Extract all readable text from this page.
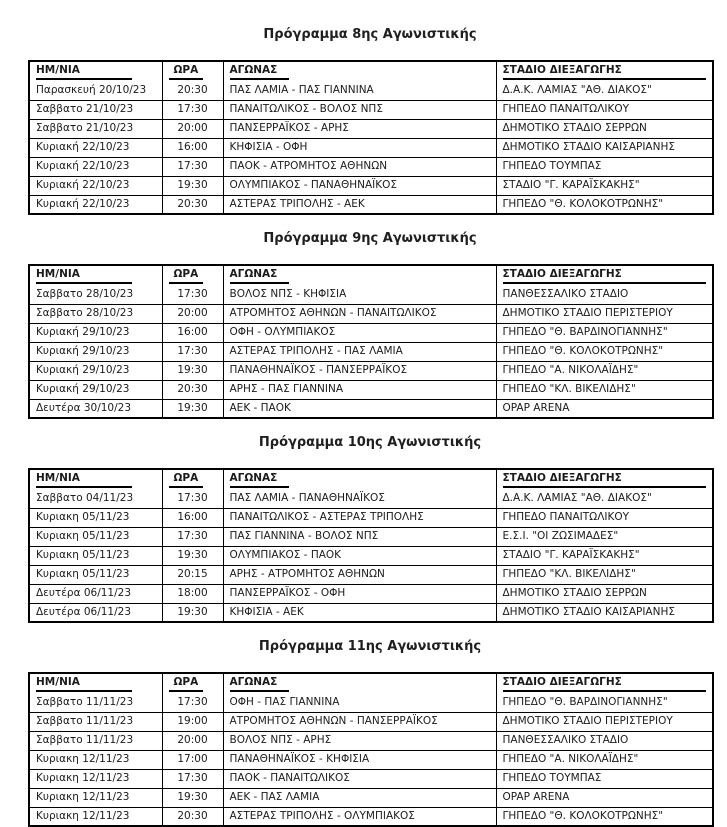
Πρόγραμμα 8ης Αγωνιστικής
ΗΜ/ΝΙΑ	ΩΡΑ	ΑΓΩΝΑΣ	ΣΤΑΔΙΟ ΔΙΕΞΑΓΩΓΗΣ

Παρασκευή 20/10/23	20:30	ΠΑΣ ΛΑΜΙΑ - ΠΑΣ ΓΙΑΝΝΙΝΑ	Δ.Α.Κ. ΛΑΜΙΑΣ "ΑΘ. ΔΙΑΚΟΣ"
Σαββατο 21/10/23	17:30	ΠΑΝΑΙΤΩΛΙΚΟΣ - ΒΟΛΟΣ ΝΠΣ	ΓΗΠΕΔΟ ΠΑΝΑΙΤΩΛΙΚΟΥ
Σαββατο 21/10/23	20:00	ΠΑΝΣΕΡΡΑΪΚΟΣ - ΑΡΗΣ	ΔΗΜΟΤΙΚΟ ΣΤΑΔΙΟ ΣΕΡΡΩΝ
Κυριακή 22/10/23	16:00	ΚΗΦΙΣΙΑ - ΟΦΗ	ΔΗΜΟΤΙΚΟ ΣΤΑΔΙΟ ΚΑΙΣΑΡΙΑΝΗΣ
Κυριακή 22/10/23	17:30	ΠΑΟΚ - ΑΤΡΟΜΗΤΟΣ ΑΘΗΝΩΝ	ΓΗΠΕΔΟ ΤΟΥΜΠΑΣ
Κυριακή 22/10/23	19:30	ΟΛΥΜΠΙΑΚΟΣ - ΠΑΝΑΘΗΝΑΪΚΟΣ	ΣΤΑΔΙΟ "Γ. ΚΑΡΑΪΣΚΑΚΗΣ"
Κυριακή 22/10/23	20:30	ΑΣΤΕΡΑΣ ΤΡΙΠΟΛΗΣ - ΑΕΚ	ΓΗΠΕΔΟ "Θ. ΚΟΛΟΚΟΤΡΩΝΗΣ"
Πρόγραμμα 9ης Αγωνιστικής
ΗΜ/ΝΙΑ	ΩΡΑ	ΑΓΩΝΑΣ	ΣΤΑΔΙΟ ΔΙΕΞΑΓΩΓΗΣ

Σαββατο 28/10/23	17:30	ΒΟΛΟΣ ΝΠΣ - ΚΗΦΙΣΙΑ	ΠΑΝΘΕΣΣΑΛΙΚΟ ΣΤΑΔΙΟ
Σαββατο 28/10/23	20:00	ΑΤΡΟΜΗΤΟΣ ΑΘΗΝΩΝ - ΠΑΝΑΙΤΩΛΙΚΟΣ	ΔΗΜΟΤΙΚΟ ΣΤΑΔΙΟ ΠΕΡΙΣΤΕΡΙΟΥ
Κυριακή 29/10/23	16:00	ΟΦΗ - ΟΛΥΜΠΙΑΚΟΣ	ΓΗΠΕΔΟ "Θ. ΒΑΡΔΙΝΟΓΙΑΝΝΗΣ"
Κυριακή 29/10/23	17:30	ΑΣΤΕΡΑΣ ΤΡΙΠΟΛΗΣ - ΠΑΣ ΛΑΜΙΑ	ΓΗΠΕΔΟ "Θ. ΚΟΛΟΚΟΤΡΩΝΗΣ"
Κυριακή 29/10/23	19:30	ΠΑΝΑΘΗΝΑΪΚΟΣ - ΠΑΝΣΕΡΡΑΪΚΟΣ	ΓΗΠΕΔΟ "Α. ΝΙΚΟΛΑΪΔΗΣ"
Κυριακή 29/10/23	20:30	ΑΡΗΣ - ΠΑΣ ΓΙΑΝΝΙΝΑ	ΓΗΠΕΔΟ "ΚΛ. ΒΙΚΕΛΙΔΗΣ"
Δευτέρα 30/10/23	19:30	ΑΕΚ - ΠΑΟΚ	OPAP ARENA
Πρόγραμμα 10ης Αγωνιστικής
ΗΜ/ΝΙΑ	ΩΡΑ	ΑΓΩΝΑΣ	ΣΤΑΔΙΟ ΔΙΕΞΑΓΩΓΗΣ

Σαββατο 04/11/23	17:30	ΠΑΣ ΛΑΜΙΑ - ΠΑΝΑΘΗΝΑΪΚΟΣ	Δ.Α.Κ. ΛΑΜΙΑΣ "ΑΘ. ΔΙΑΚΟΣ"
Κυριακη 05/11/23	16:00	ΠΑΝΑΙΤΩΛΙΚΟΣ - ΑΣΤΕΡΑΣ ΤΡΙΠΟΛΗΣ	ΓΗΠΕΔΟ ΠΑΝΑΙΤΩΛΙΚΟΥ
Κυριακη 05/11/23	17:30	ΠΑΣ ΓΙΑΝΝΙΝΑ - ΒΟΛΟΣ ΝΠΣ	Ε.Σ.Ι. "ΟΙ ΖΩΣΙΜΑΔΕΣ"
Κυριακη 05/11/23	19:30	ΟΛΥΜΠΙΑΚΟΣ - ΠΑΟΚ	ΣΤΑΔΙΟ "Γ. ΚΑΡΑΪΣΚΑΚΗΣ"
Κυριακη 05/11/23	20:15	ΑΡΗΣ - ΑΤΡΟΜΗΤΟΣ ΑΘΗΝΩΝ	ΓΗΠΕΔΟ "ΚΛ. ΒΙΚΕΛΙΔΗΣ"
Δευτέρα 06/11/23	18:00	ΠΑΝΣΕΡΡΑΪΚΟΣ - ΟΦΗ	ΔΗΜΟΤΙΚΟ ΣΤΑΔΙΟ ΣΕΡΡΩΝ
Δευτέρα 06/11/23	19:30	ΚΗΦΙΣΙΑ - ΑΕΚ	ΔΗΜΟΤΙΚΟ ΣΤΑΔΙΟ ΚΑΙΣΑΡΙΑΝΗΣ
Πρόγραμμα 11ης Αγωνιστικής
ΗΜ/ΝΙΑ	ΩΡΑ	ΑΓΩΝΑΣ	ΣΤΑΔΙΟ ΔΙΕΞΑΓΩΓΗΣ

Σαββατο 11/11/23	17:30	ΟΦΗ - ΠΑΣ ΓΙΑΝΝΙΝΑ	ΓΗΠΕΔΟ "Θ. ΒΑΡΔΙΝΟΓΙΑΝΝΗΣ"
Σαββατο 11/11/23	19:00	ΑΤΡΟΜΗΤΟΣ ΑΘΗΝΩΝ - ΠΑΝΣΕΡΡΑΪΚΟΣ	ΔΗΜΟΤΙΚΟ ΣΤΑΔΙΟ ΠΕΡΙΣΤΕΡΙΟΥ
Σαββατο 11/11/23	20:00	ΒΟΛΟΣ ΝΠΣ - ΑΡΗΣ	ΠΑΝΘΕΣΣΑΛΙΚΟ ΣΤΑΔΙΟ
Κυριακη 12/11/23	17:00	ΠΑΝΑΘΗΝΑΪΚΟΣ - ΚΗΦΙΣΙΑ	ΓΗΠΕΔΟ "Α. ΝΙΚΟΛΑΪΔΗΣ"
Κυριακη 12/11/23	17:30	ΠΑΟΚ - ΠΑΝΑΙΤΩΛΙΚΟΣ	ΓΗΠΕΔΟ ΤΟΥΜΠΑΣ
Κυριακη 12/11/23	19:30	ΑΕΚ - ΠΑΣ ΛΑΜΙΑ	OPAP ARENA
Κυριακη 12/11/23	20:30	ΑΣΤΕΡΑΣ ΤΡΙΠΟΛΗΣ - ΟΛΥΜΠΙΑΚΟΣ	ΓΗΠΕΔΟ "Θ. ΚΟΛΟΚΟΤΡΩΝΗΣ"
